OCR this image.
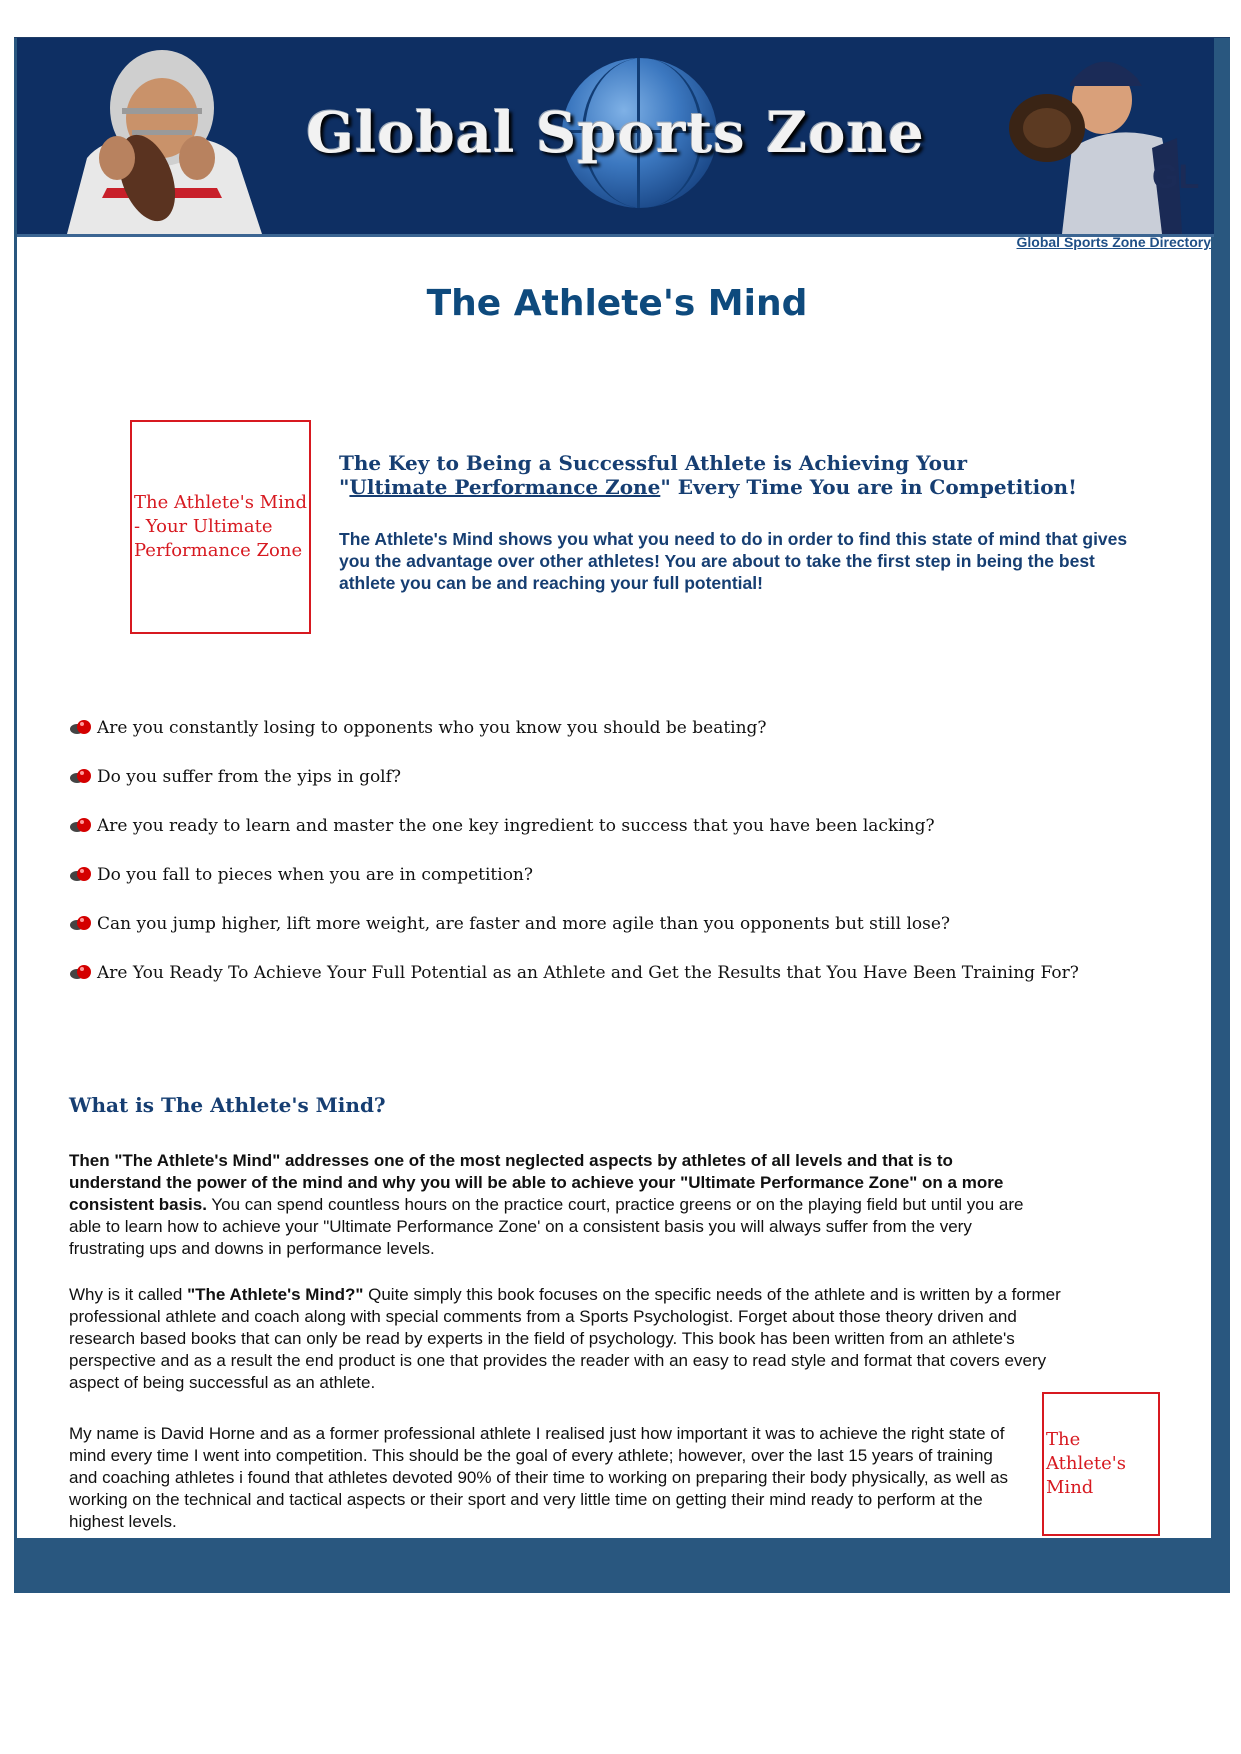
Global Sports Zone
GL
Global Sports Zone Directory
The Athlete's Mind
The Athlete's Mind - Your Ultimate Performance Zone
The Key to Being a Successful Athlete is Achieving Your "Ultimate Performance Zone" Every Time You are in Competition!
The Athlete's Mind shows you what you need to do in order to find this state of mind that gives you the advantage over other athletes! You are about to take the first step in being the best athlete you can be and reaching your full potential!
Are you constantly losing to opponents who you know you should be beating?
Do you suffer from the yips in golf?
Are you ready to learn and master the one key ingredient to success that you have been lacking?
Do you fall to pieces when you are in competition?
Can you jump higher, lift more weight, are faster and more agile than you opponents but still lose?
Are You Ready To Achieve Your Full Potential as an Athlete and Get the Results that You Have Been Training For?
What is The Athlete's Mind?
Then "The Athlete's Mind" addresses one of the most neglected aspects by athletes of all levels and that is to understand the power of the mind and why you will be able to achieve your "Ultimate Performance Zone" on a more consistent basis. You can spend countless hours on the practice court, practice greens or on the playing field but until you are able to learn how to achieve your "Ultimate Performance Zone' on a consistent basis you will always suffer from the very frustrating ups and downs in performance levels.
Why is it called "The Athlete's Mind?" Quite simply this book focuses on the specific needs of the athlete and is written by a former professional athlete and coach along with special comments from a Sports Psychologist. Forget about those theory driven and research based books that can only be read by experts in the field of psychology. This book has been written from an athlete's perspective and as a result the end product is one that provides the reader with an easy to read style and format that covers every aspect of being successful as an athlete.
My name is David Horne and as a former professional athlete I realised just how important it was to achieve the right state of mind every time I went into competition. This should be the goal of every athlete; however, over the last 15 years of training and coaching athletes i found that athletes devoted 90% of their time to working on preparing their body physically, as well as working on the technical and tactical aspects or their sport and very little time on getting their mind ready to perform at the highest levels.
The Athlete's Mind
